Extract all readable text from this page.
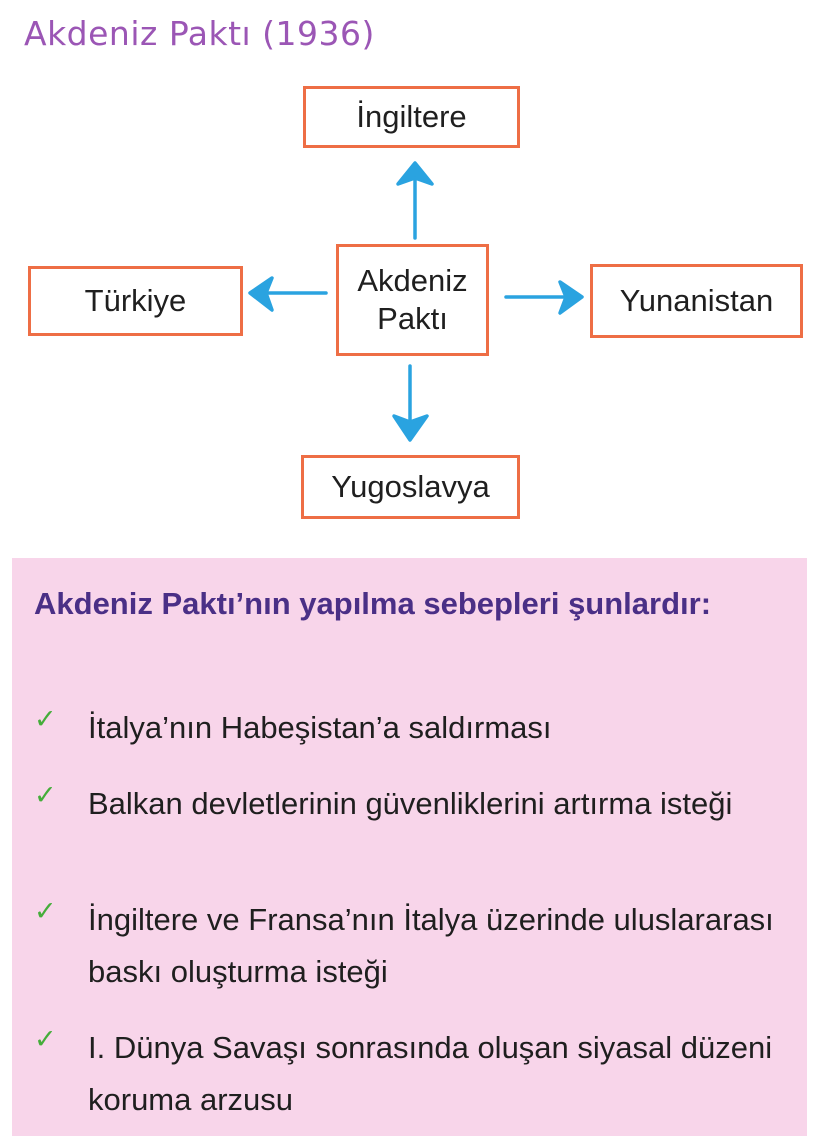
Akdeniz Paktı (1936)
İngiltere
Türkiye
Akdeniz Paktı
Yunanistan
Yugoslavya
Akdeniz Paktı’nın yapılma sebepleri şunlardır:
✓ İtalya’nın Habeşistan’a saldırması
✓ Balkan devletlerinin güvenliklerini artırma isteği
✓ İngiltere ve Fransa’nın İtalya üzerinde uluslararası baskı oluşturma isteği
✓ I. Dünya Savaşı sonrasında oluşan siyasal düzeni koruma arzusu
